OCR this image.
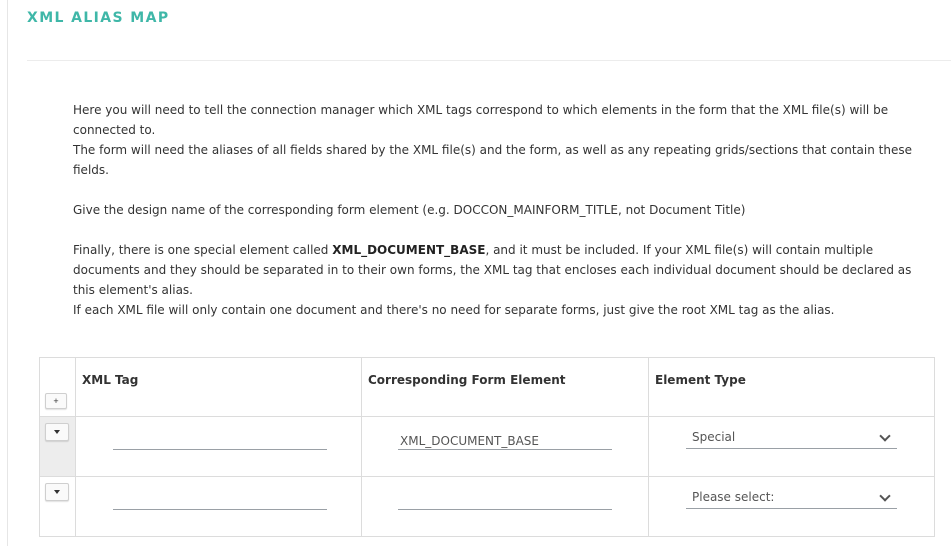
XML ALIAS MAP

Here you will need to tell the connection manager which XML tags correspond to which elements in the form that the XML file(s) will be connected to.

The form will need the aliases of all fields shared by the XML file(s) and the form, as well as any repeating grids/sections that contain these fields.

Give the design name of the corresponding form element (e.g. DOCCON_MAINFORM_TITLE, not Document Title)

Finally, there is one special element called XML_DOCUMENT_BASE, and it must be included. If your XML file(s) will contain multiple documents and they should be separated in to their own forms, the XML tag that encloses each individual document should be declared as this element's alias.

If each XML file will only contain one document and there's no need for separate forms, just give the root XML tag as the alias.

+
XML Tag	Corresponding Form Element	Element Type
XML_DOCUMENT_BASE
Special
Please select:
